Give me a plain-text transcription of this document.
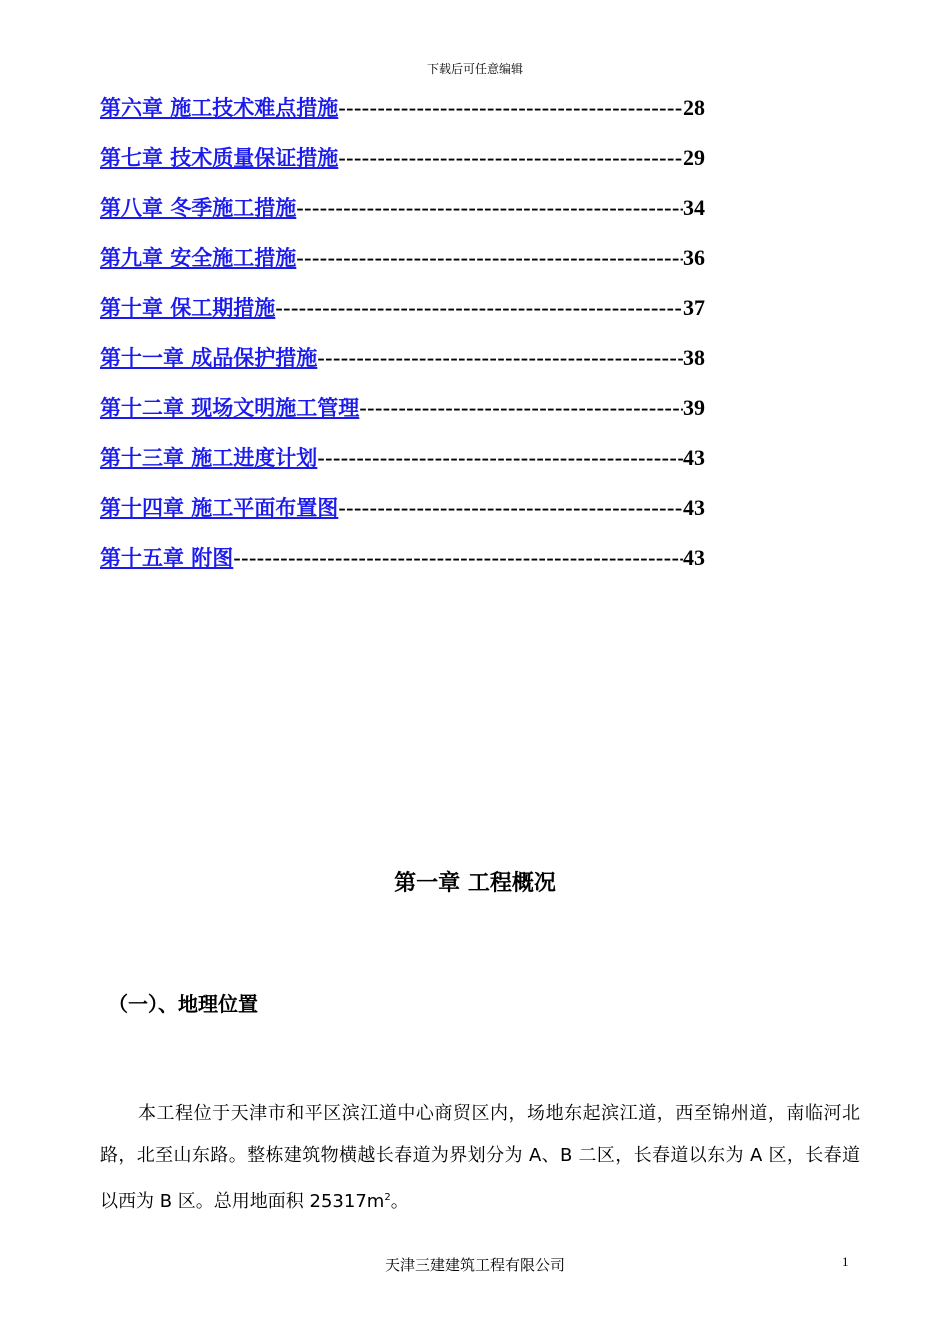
下载后可任意编辑
第六章 施工技术难点措施 -----	28
第七章 技术质量保证措施 -----	29
第八章 冬季施工措施 -----	34
第九章 安全施工措施 -----	36
第十章 保工期措施 -----	37
第十一章 成品保护措施 -----	38
第十二章 现场文明施工管理 -----	39
第十三章 施工进度计划 -----	43
第十四章 施工平面布置图 -----	43
第十五章 附图 -----	43
第一章 工程概况
（一）、地理位置

本工程位于天津市和平区滨江道中心商贸区内，场地东起滨江道，西至锦州道，南临河北路，北至山东路。整栋建筑物横越长春道为界划分为 A、B 二区，长春道以东为 A 区，长春道以西为 B 区。总用地面积 $25317m^2$。

天津三建建筑工程有限公司	1
